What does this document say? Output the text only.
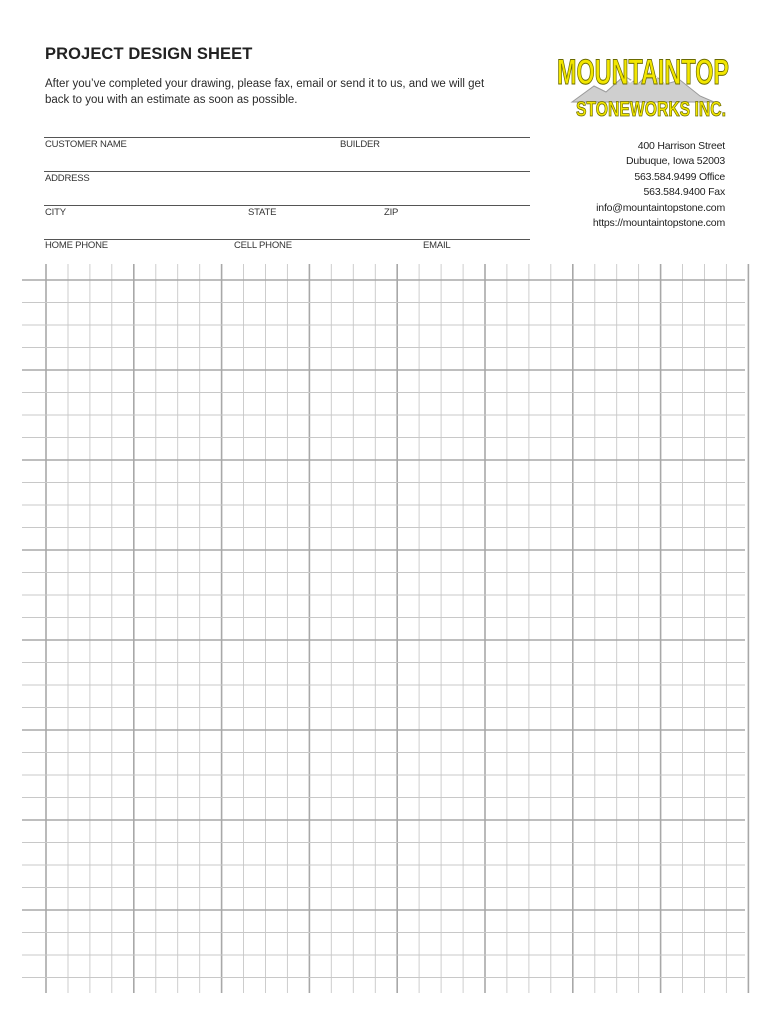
PROJECT DESIGN SHEET
After you’ve completed your drawing, please fax, email or send it to us, and we will get
back to you with an estimate as soon as possible.
CUSTOMER NAME	BUILDER
ADDRESS
CITY	STATE	ZIP
HOME PHONE	CELL PHONE	EMAIL
MOUNTAINTOP
STONEWORKS INC.
400 Harrison Street
Dubuque, Iowa 52003
563.584.9499 Office
563.584.9400 Fax
info@mountaintopstone.com
https://mountaintopstone.com
